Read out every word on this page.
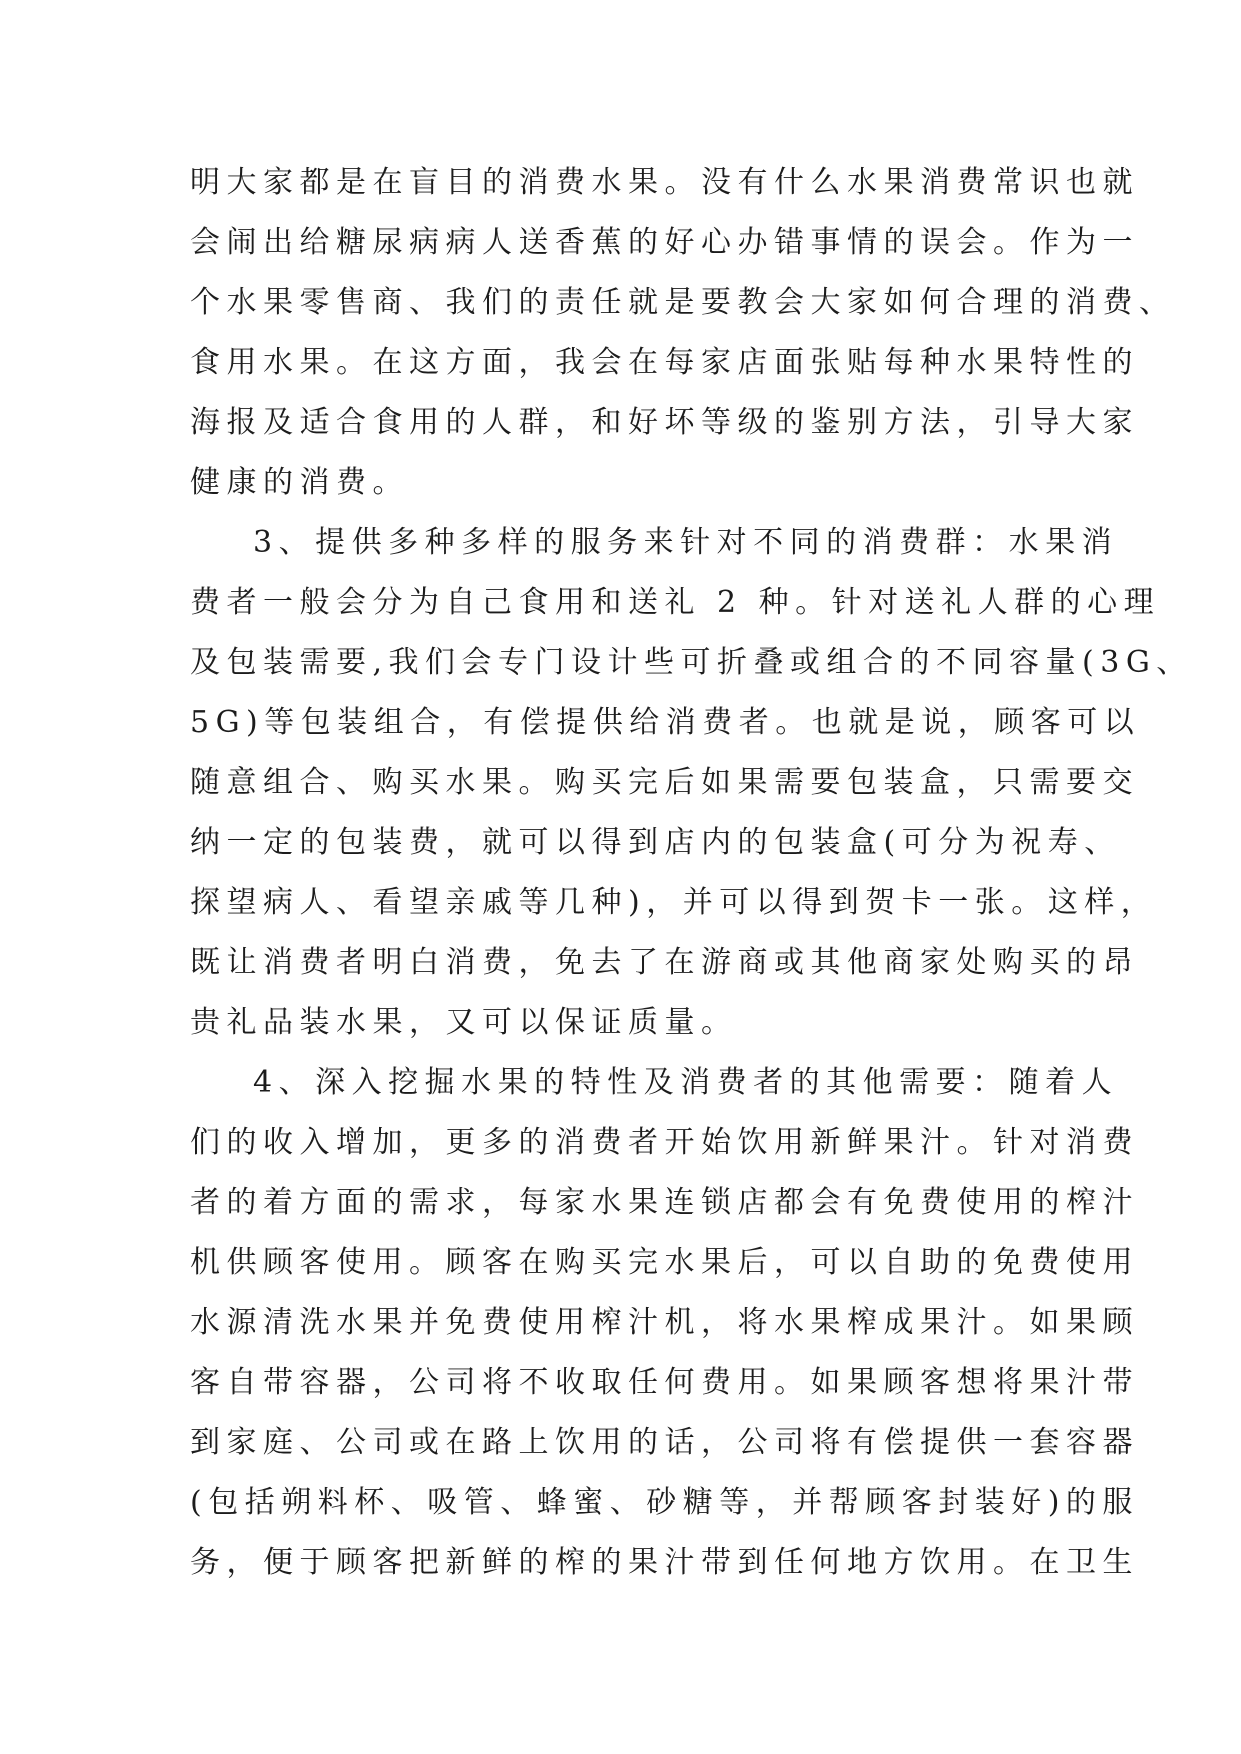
明大家都是在盲目的消费水果。没有什么水果消费常识也就

会闹出给糖尿病病人送香蕉的好心办错事情的误会。作为一

个水果零售商、我们的责任就是要教会大家如何合理的消费、

食用水果。在这方面，我会在每家店面张贴每种水果特性的

海报及适合食用的人群，和好坏等级的鉴别方法，引导大家

健康的消费。

3、提供多种多样的服务来针对不同的消费群：水果消

费者一般会分为自己食用和送礼 2 种。针对送礼人群的心理

及包装需要,我们会专门设计些可折叠或组合的不同容量(3G、

5G)等包装组合，有偿提供给消费者。也就是说，顾客可以

随意组合、购买水果。购买完后如果需要包装盒，只需要交

纳一定的包装费，就可以得到店内的包装盒(可分为祝寿、

探望病人、看望亲戚等几种)，并可以得到贺卡一张。这样，

既让消费者明白消费，免去了在游商或其他商家处购买的昂

贵礼品装水果，又可以保证质量。

4、深入挖掘水果的特性及消费者的其他需要：随着人

们的收入增加，更多的消费者开始饮用新鲜果汁。针对消费

者的着方面的需求，每家水果连锁店都会有免费使用的榨汁

机供顾客使用。顾客在购买完水果后，可以自助的免费使用

水源清洗水果并免费使用榨汁机，将水果榨成果汁。如果顾

客自带容器，公司将不收取任何费用。如果顾客想将果汁带

到家庭、公司或在路上饮用的话，公司将有偿提供一套容器

(包括朔料杯、吸管、蜂蜜、砂糖等，并帮顾客封装好)的服

务，便于顾客把新鲜的榨的果汁带到任何地方饮用。在卫生
